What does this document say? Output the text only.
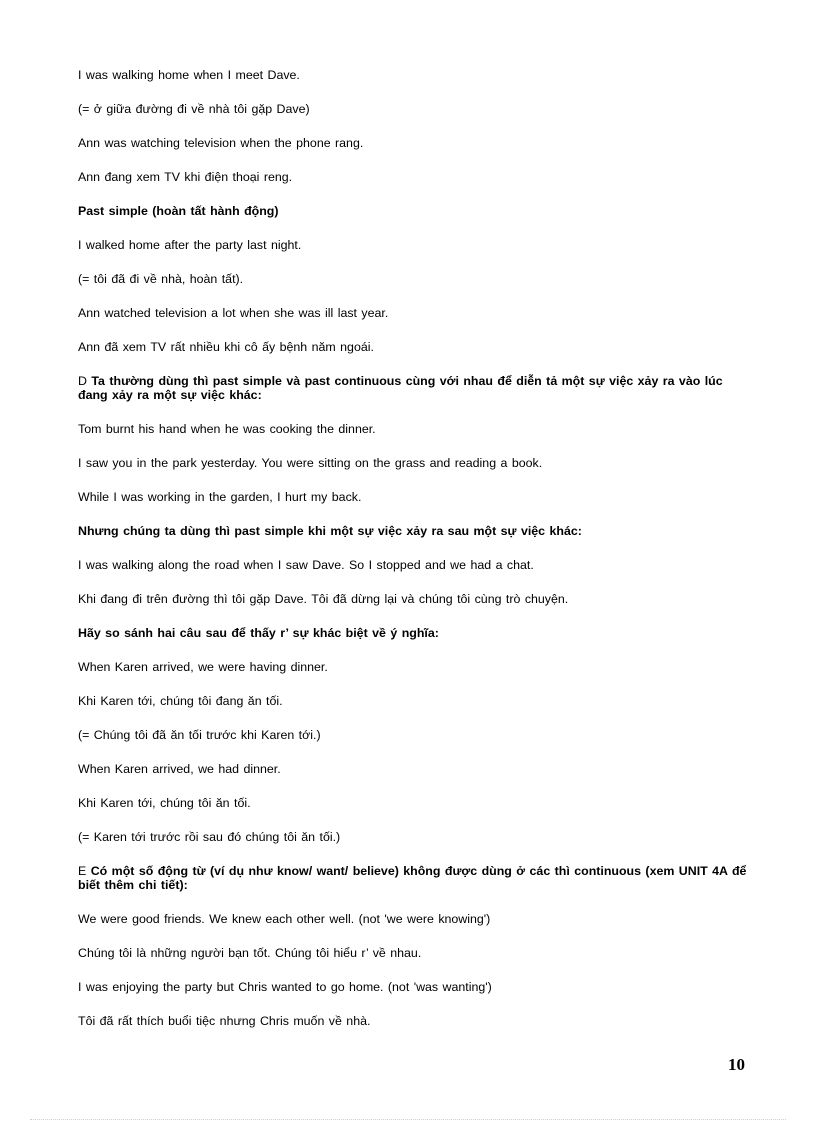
I was walking home when I meet Dave.

(= ở giữa đường đi về nhà tôi gặp Dave)

Ann was watching television when the phone rang.

Ann đang xem TV khi điện thoại reng.

Past simple (hoàn tất hành động)

I walked home after the party last night.

(= tôi đã đi về nhà, hoàn tất).

Ann watched television a lot when she was ill last year.

Ann đã xem TV rất nhiều khi cô ấy bệnh năm ngoái.

D Ta thường dùng thì past simple và past continuous cùng với nhau để diễn tả một sự việc xảy ra vào lúc đang xảy ra một sự việc khác:

Tom burnt his hand when he was cooking the dinner.

I saw you in the park yesterday. You were sitting on the grass and reading a book.

While I was working in the garden, I hurt my back.

Nhưng chúng ta dùng thì past simple khi một sự việc xảy ra sau một sự việc khác:

I was walking along the road when I saw Dave. So I stopped and we had a chat.

Khi đang đi trên đường thì tôi gặp Dave. Tôi đã dừng lại và chúng tôi cùng trò chuyện.

Hãy so sánh hai câu sau để thấy r’ sự khác biệt về ý nghĩa:

When Karen arrived, we were having dinner.

Khi Karen tới, chúng tôi đang ăn tối.

(= Chúng tôi đã ăn tối trước khi Karen tới.)

When Karen arrived, we had dinner.

Khi Karen tới, chúng tôi ăn tối.

(= Karen tới trước rồi sau đó chúng tôi ăn tối.)

E Có một số động từ (ví dụ như know/ want/ believe) không được dùng ở các thì continuous (xem UNIT 4A để biết thêm chi tiết):

We were good friends. We knew each other well. (not 'we were knowing')

Chúng tôi là những người bạn tốt. Chúng tôi hiểu r’ về nhau.

I was enjoying the party but Chris wanted to go home. (not 'was wanting')

Tôi đã rất thích buổi tiệc nhưng Chris muốn về nhà.

10
